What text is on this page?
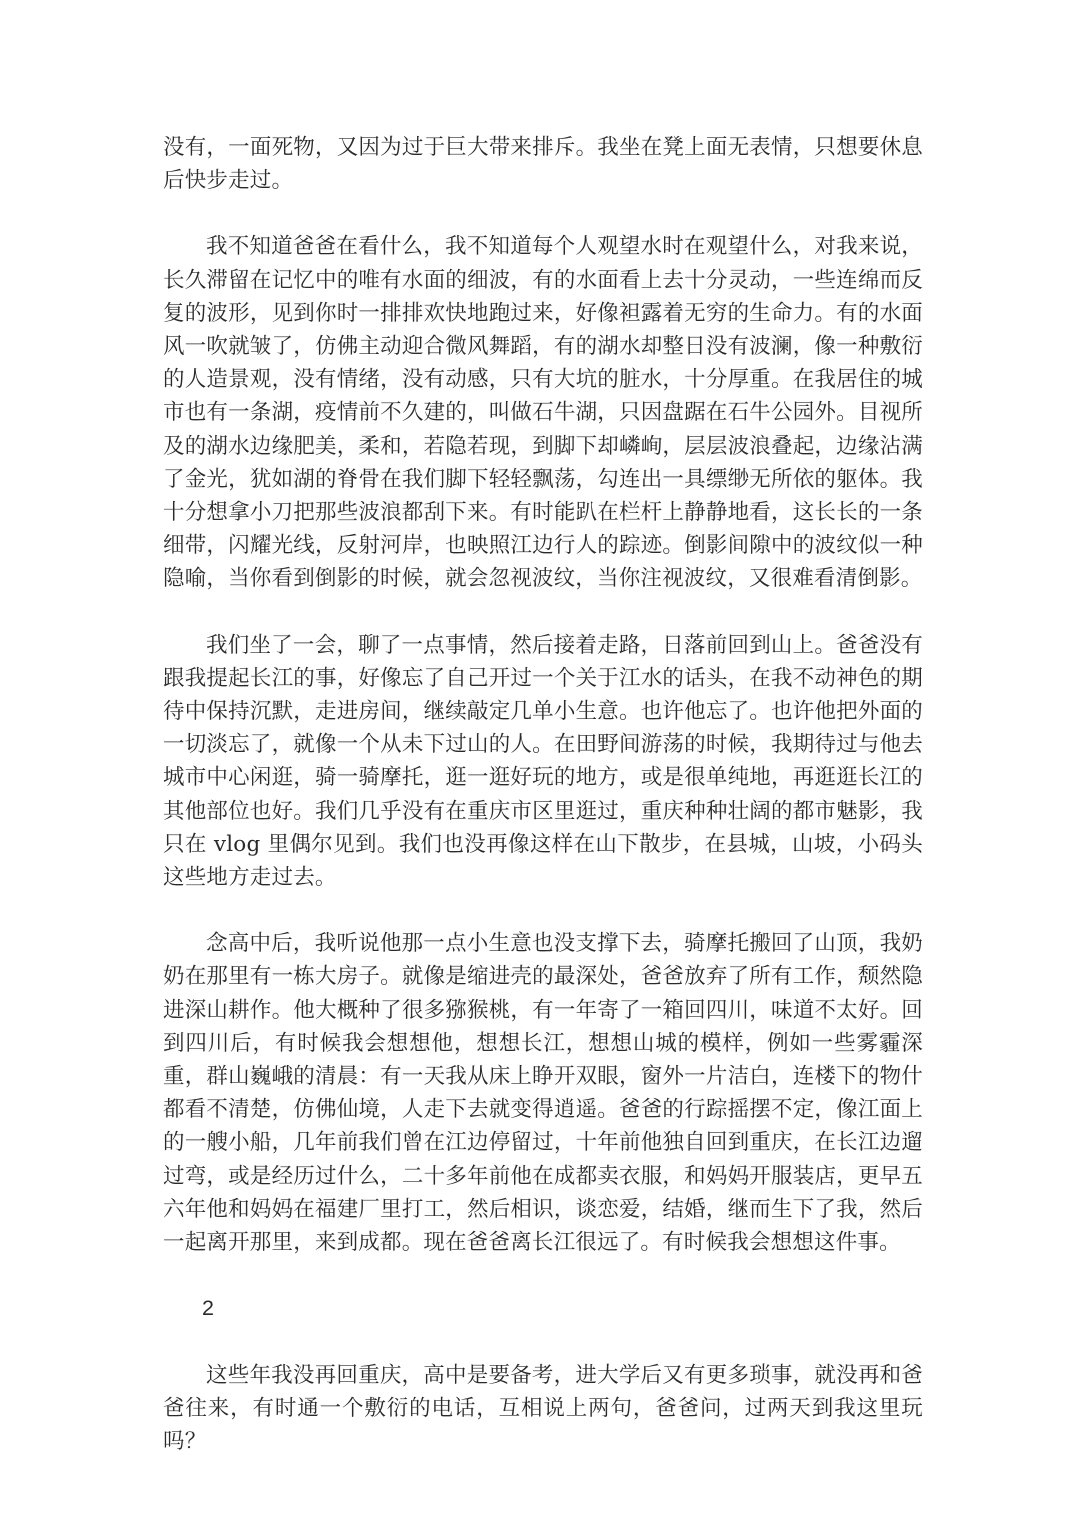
没有，一面死物，又因为过于巨大带来排斥。我坐在凳上面无表情，只想要休息后快步走过。

我不知道爸爸在看什么，我不知道每个人观望水时在观望什么，对我来说，长久滞留在记忆中的唯有水面的细波，有的水面看上去十分灵动，一些连绵而反复的波形，见到你时一排排欢快地跑过来，好像袒露着无穷的生命力。有的水面风一吹就皱了，仿佛主动迎合微风舞蹈，有的湖水却整日没有波澜，像一种敷衍的人造景观，没有情绪，没有动感，只有大坑的脏水，十分厚重。在我居住的城市也有一条湖，疫情前不久建的，叫做石牛湖，只因盘踞在石牛公园外。目视所及的湖水边缘肥美，柔和，若隐若现，到脚下却嶙峋，层层波浪叠起，边缘沾满了金光，犹如湖的脊骨在我们脚下轻轻飘荡，勾连出一具缥缈无所依的躯体。我十分想拿小刀把那些波浪都刮下来。有时能趴在栏杆上静静地看，这长长的一条细带，闪耀光线，反射河岸，也映照江边行人的踪迹。倒影间隙中的波纹似一种隐喻，当你看到倒影的时候，就会忽视波纹，当你注视波纹，又很难看清倒影。

我们坐了一会，聊了一点事情，然后接着走路，日落前回到山上。爸爸没有跟我提起长江的事，好像忘了自己开过一个关于江水的话头，在我不动神色的期待中保持沉默，走进房间，继续敲定几单小生意。也许他忘了。也许他把外面的一切淡忘了，就像一个从未下过山的人。在田野间游荡的时候，我期待过与他去城市中心闲逛，骑一骑摩托，逛一逛好玩的地方，或是很单纯地，再逛逛长江的其他部位也好。我们几乎没有在重庆市区里逛过，重庆种种壮阔的都市魅影，我只在 vlog 里偶尔见到。我们也没再像这样在山下散步，在县城，山坡，小码头这些地方走过去。

念高中后，我听说他那一点小生意也没支撑下去，骑摩托搬回了山顶，我奶奶在那里有一栋大房子。就像是缩进壳的最深处，爸爸放弃了所有工作，颓然隐进深山耕作。他大概种了很多猕猴桃，有一年寄了一箱回四川，味道不太好。回到四川后，有时候我会想想他，想想长江，想想山城的模样，例如一些雾霾深重，群山巍峨的清晨：有一天我从床上睁开双眼，窗外一片洁白，连楼下的物什都看不清楚，仿佛仙境，人走下去就变得逍遥。爸爸的行踪摇摆不定，像江面上的一艘小船，几年前我们曾在江边停留过，十年前他独自回到重庆，在长江边遛过弯，或是经历过什么，二十多年前他在成都卖衣服，和妈妈开服装店，更早五六年他和妈妈在福建厂里打工，然后相识，谈恋爱，结婚，继而生下了我，然后一起离开那里，来到成都。现在爸爸离长江很远了。有时候我会想想这件事。

2

这些年我没再回重庆，高中是要备考，进大学后又有更多琐事，就没再和爸爸往来，有时通一个敷衍的电话，互相说上两句，爸爸问，过两天到我这里玩吗？
